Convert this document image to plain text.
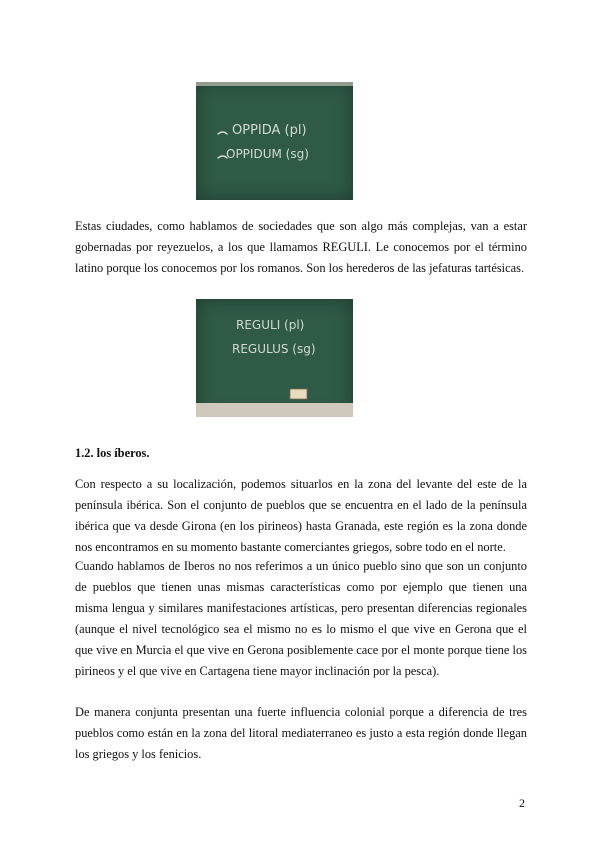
OPPIDA (pl)
OPPIDUM (sg)

Estas ciudades, como hablamos de sociedades que son algo más complejas, van a estar gobernadas por reyezuelos, a los que llamamos REGULI. Le conocemos por el término latino porque los conocemos por los romanos. Son los herederos de las jefaturas tartésicas.

REGULI (pl)
REGULUS (sg)

1.2. los íberos.

Con respecto a su localización, podemos situarlos en la zona del levante del este de la península ibérica. Son el conjunto de pueblos que se encuentra en el lado de la península ibérica que va desde Girona (en los pirineos) hasta Granada, este región es la zona donde nos encontramos en su momento bastante comerciantes griegos, sobre todo en el norte.

Cuando hablamos de Iberos no nos referimos a un único pueblo sino que son un conjunto de pueblos que tienen unas mismas características como por ejemplo que tienen una misma lengua y similares manifestaciones artísticas, pero presentan diferencias regionales (aunque el nivel tecnológico sea el mismo no es lo mismo el que vive en Gerona que el que vive en Murcia el que vive en Gerona posiblemente cace por el monte porque tiene los pirineos y el que vive en Cartagena tiene mayor inclinación por la pesca).

De manera conjunta presentan una fuerte influencia colonial porque a diferencia de tres pueblos como están en la zona del litoral mediaterraneo es justo a esta región donde llegan los griegos y los fenicios.

2
